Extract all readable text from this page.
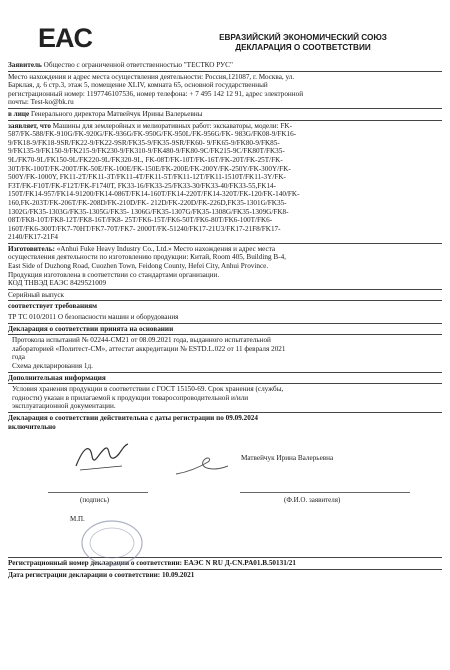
EAC	ЕВРАЗИЙСКИЙ ЭКОНОМИЧЕСКИЙ СОЮЗ
ДЕКЛАРАЦИЯ О СООТВЕТСТВИИ
Заявитель Общество с ограниченной ответственностью "ТЕСТКО РУС"
Место нахождения и адрес места осуществления деятельности: Россия,121087, г. Москва, ул.
Барклая, д. 6 стр.3, этаж 5, помещение XLIV, комната 65, основной государственный
регистрационный номер: 1197746107536, номер телефона: + 7 495 142 12 91, адрес электронной
почты: Test-ko@bk.ru
в лице Генерального директора Матвейчук Ирины Валерьевны
заявляет, что Машины для землеройных и мелиоративных работ: экскаваторы, модели: FK-
587/FK-588/FK-910G/FK-920G/FK-936G/FK-950G/FK-950L/FK-956G/FK- 983G/FK08-9/FK16-
9/FK18-9/FK18-9SR/FK22-9/FK22-9SR/FK35-9/FK35-9SR/FK60- 9/FK65-9/FK80-9/FK85-
9/FK135-9/FK150-9/FK215-9/FK230-9/FK310-9/FK480-9/FK80-9C/FK215-9C/FK80T/FK35-
9L/FK70-9L/FK150-9L/FK220-9L/FK320-9L, FK-08T/FK-10T/FK-16T/FK-20T/FK-25T/FK-
30T/FK-100T/FK-200T/FK-50E/FK-100E/FK-150E/FK-200E/FK-200Y/FK-250Y/FK-300Y/FK-
500Y/FK-1000Y, FK11-2T/FK11-3T/FK11-4T/FK11-5T/FK11-12T/FK11-1510T/FK11-3Y/FK-
F3T/FK-F10T/FK-F12T/FK-F1740T, FK33-16/FK33-25/FK33-30/FK33-40/FK33-55,FK14-
150T/FK14-957/FK14-91200/FK14-086T/FK14-160T/FK14-220T/FK14-320T/FK-120/FK-140/FK-
160,FK-203T/FK-206T/FK-208D/FK-210D/FK- 212D/FK-220D/FK-226D,FK35-1301G/FK35-
1302G/FK35-1303G/FK35-1305G/FK35- 1306G/FK35-1307G/FK35-1308G/FK35-1309G/FK8-
08T/FK8-10T/FK8-12T/FK8-16T/FK8- 25T/FK6-15T/FK6-50T/FK6-80T/FK6-100T/FK6-
160T/FK6-300T/FK7-70HT/FK7-70T/FK7- 2000T/FK-51240/FK17-21U3/FK17-21F8/FK17-
2140/FK17-21F4
Изготовитель: «Anhui Fuke Heavy Industry Co., Ltd.» Место нахождения и адрес места
осуществления деятельности по изготовлению продукции: Китай, Room 405, Building B-4,
East Side of Duzhong Road, Cuozhen Town, Feidong County, Hefei City, Anhui Province.
Продукция изготовлена в соответствии со стандартами организации.
КОД ТНВЭД ЕАЭС 8429521009
Серийный выпуск
соответствует требованиям
ТР ТС 010/2011 О безопасности машин и оборудования
Декларация о соответствии принята на основании
Протокола испытаний № 02244-СМ21 от 08.09.2021 года, выданного испытательной
лабораторией «Политест-СМ», аттестат аккредитации № ESTD.L.022 от 11 февраля 2021
года
Схема декларирования 1д.
Дополнительная информация
Условия хранения продукции в соответствии с ГОСТ 15150-69. Срок хранения (службы,
годности) указан в прилагаемой к продукции товаросопроводительной и/или
эксплуатационной документации.
Декларация о соответствии действительна с даты регистрации по 09.09.2024
включительно
Матвейчук Ирина Валерьевна
(подпись)	(Ф.И.О. заявителя)
М.П.
Регистрационный номер декларации о соответствии: ЕАЭС N RU Д-CN.PA01.B.50131/21
Дата регистрации декларации о соответствии: 10.09.2021
